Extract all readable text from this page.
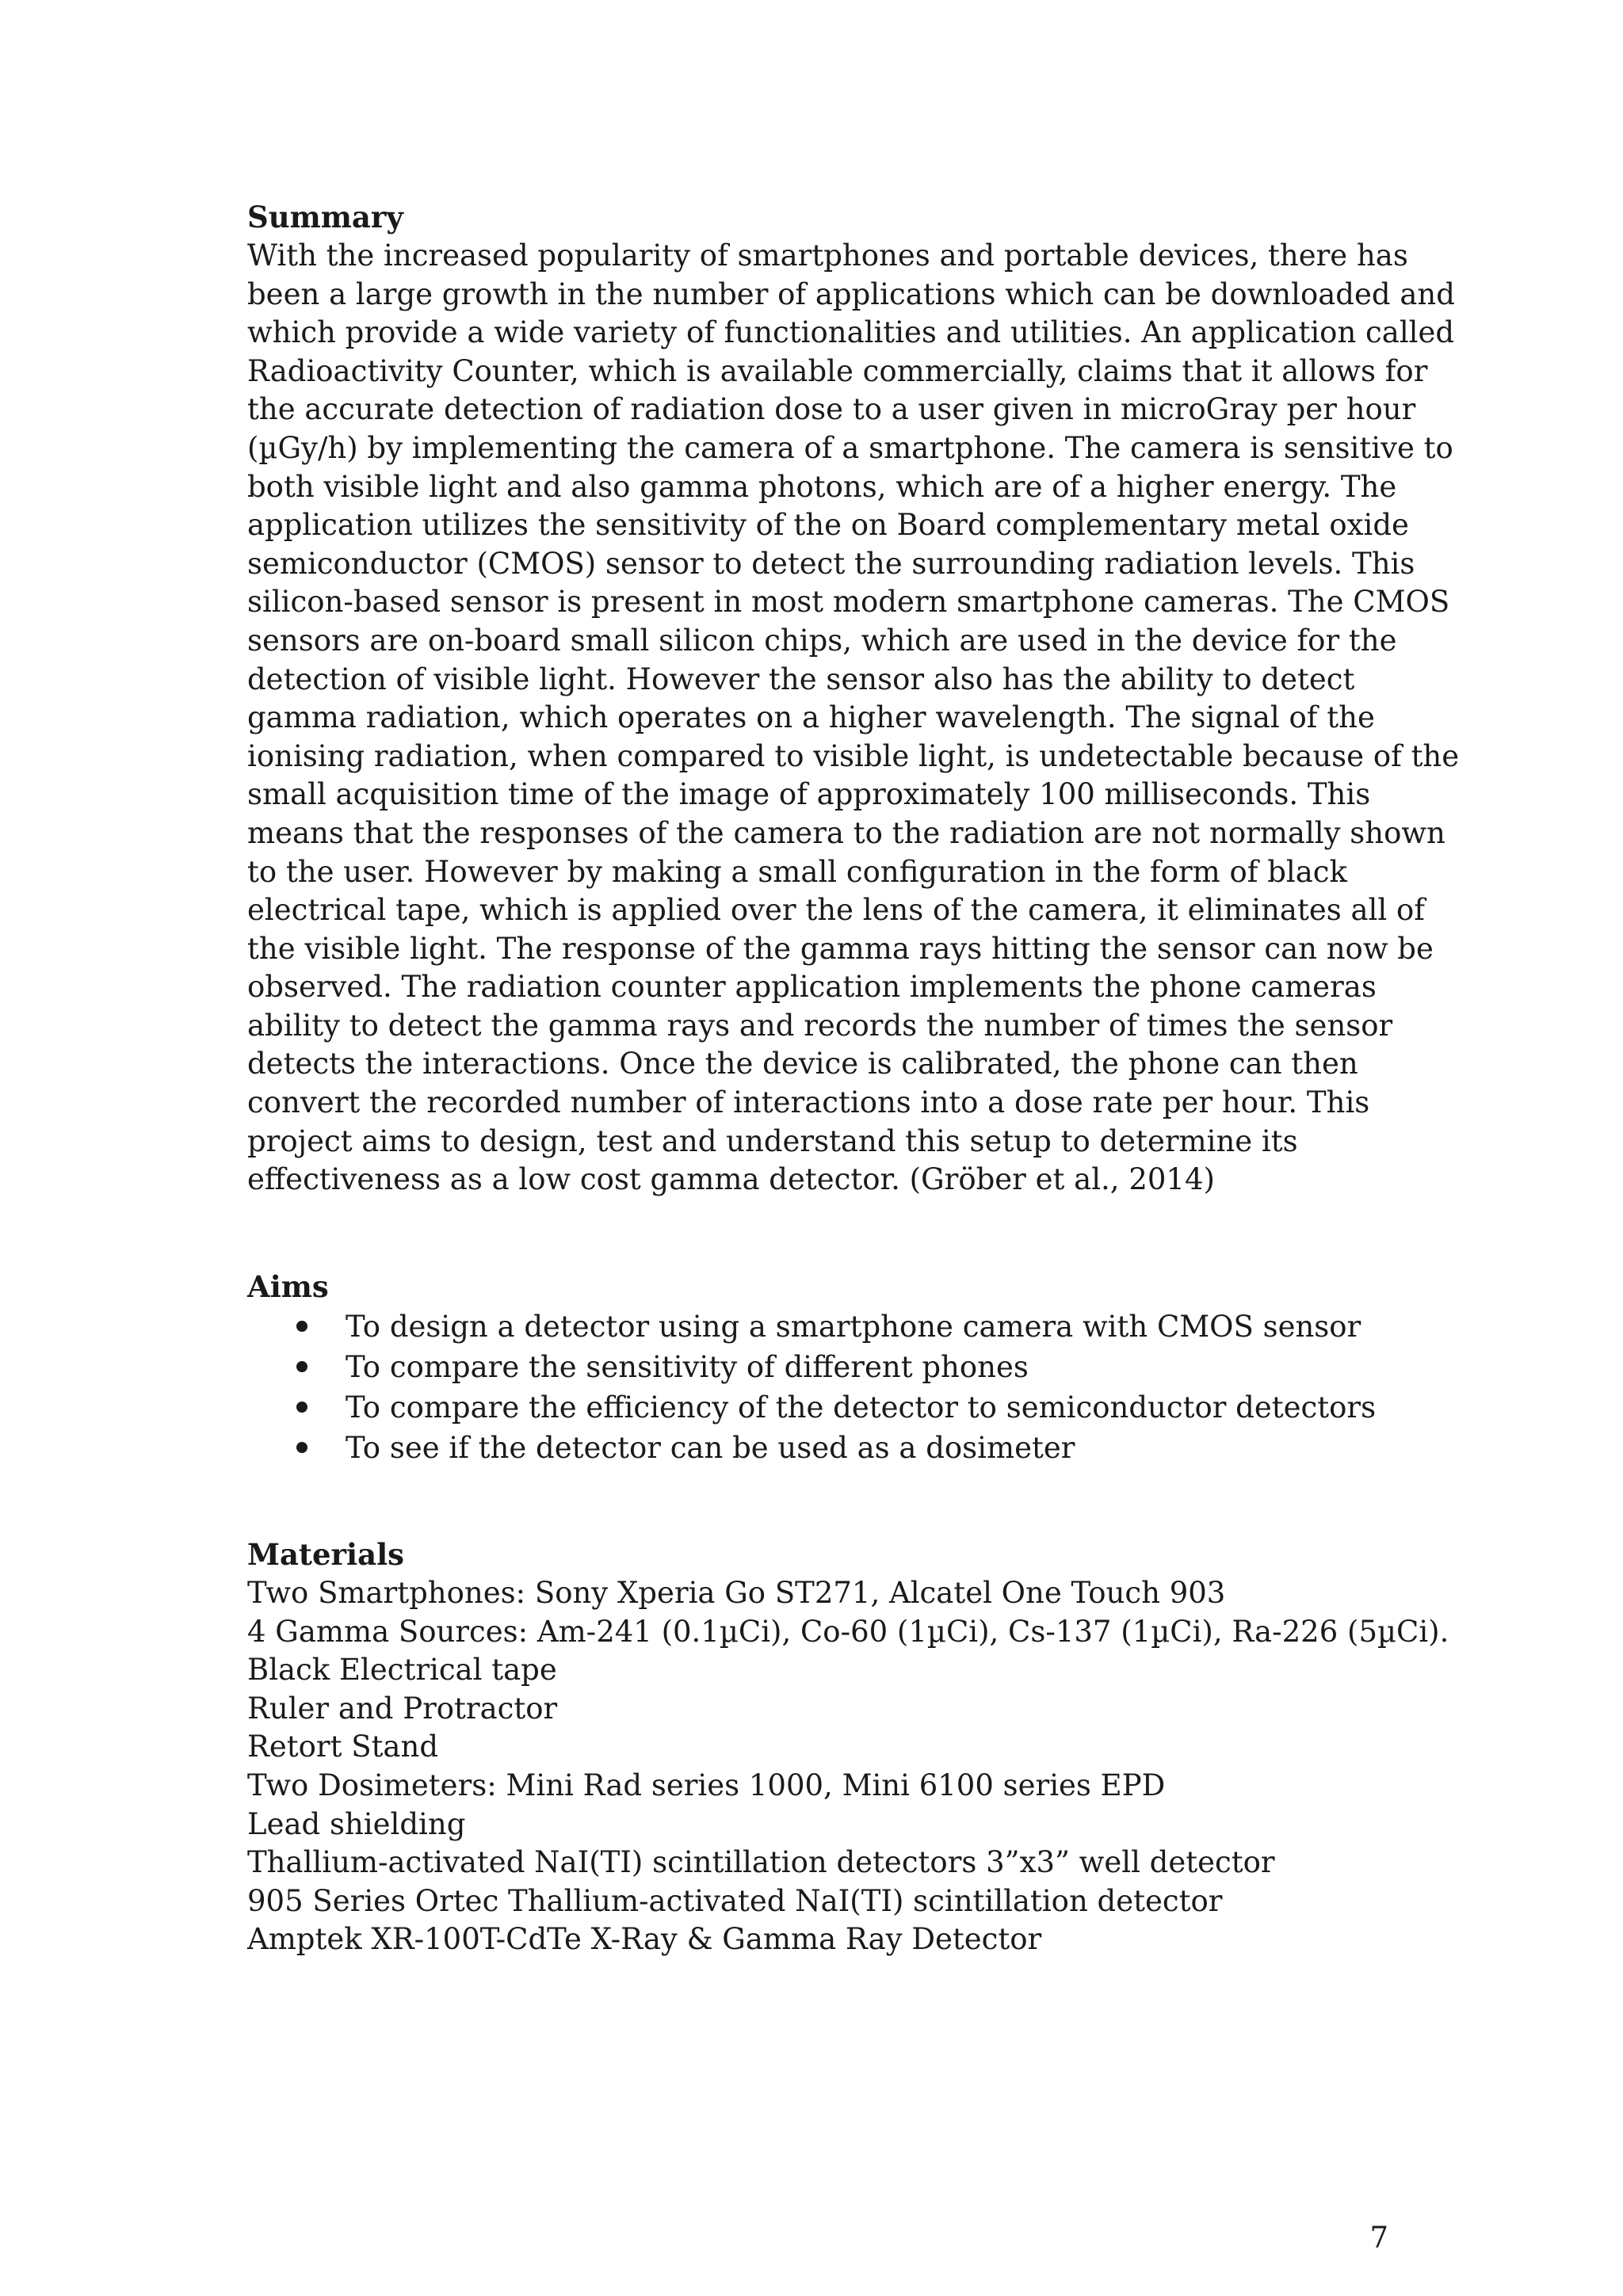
Summary

With the increased popularity of smartphones and portable devices, there has
been a large growth in the number of applications which can be downloaded and
which provide a wide variety of functionalities and utilities. An application called
Radioactivity Counter, which is available commercially, claims that it allows for
the accurate detection of radiation dose to a user given in microGray per hour
(µGy/h) by implementing the camera of a smartphone. The camera is sensitive to
both visible light and also gamma photons, which are of a higher energy. The
application utilizes the sensitivity of the on Board complementary metal oxide
semiconductor (CMOS) sensor to detect the surrounding radiation levels. This
silicon-based sensor is present in most modern smartphone cameras. The CMOS
sensors are on-board small silicon chips, which are used in the device for the
detection of visible light. However the sensor also has the ability to detect
gamma radiation, which operates on a higher wavelength. The signal of the
ionising radiation, when compared to visible light, is undetectable because of the
small acquisition time of the image of approximately 100 milliseconds. This
means that the responses of the camera to the radiation are not normally shown
to the user. However by making a small configuration in the form of black
electrical tape, which is applied over the lens of the camera, it eliminates all of
the visible light. The response of the gamma rays hitting the sensor can now be
observed. The radiation counter application implements the phone cameras
ability to detect the gamma rays and records the number of times the sensor
detects the interactions. Once the device is calibrated, the phone can then
convert the recorded number of interactions into a dose rate per hour. This
project aims to design, test and understand this setup to determine its
effectiveness as a low cost gamma detector. (Gröber et al., 2014)

Aims
To design a detector using a smartphone camera with CMOS sensor
To compare the sensitivity of different phones
To compare the efficiency of the detector to semiconductor detectors
To see if the detector can be used as a dosimeter
Materials
Two Smartphones: Sony Xperia Go ST271, Alcatel One Touch 903
4 Gamma Sources: Am-241 (0.1µCi), Co-60 (1µCi), Cs-137 (1µCi), Ra-226 (5µCi).
Black Electrical tape
Ruler and Protractor
Retort Stand
Two Dosimeters: Mini Rad series 1000, Mini 6100 series EPD
Lead shielding
Thallium-activated NaI(TI) scintillation detectors 3”x3” well detector
905 Series Ortec Thallium-activated NaI(TI) scintillation detector
Amptek XR-100T-CdTe X-Ray & Gamma Ray Detector
7
